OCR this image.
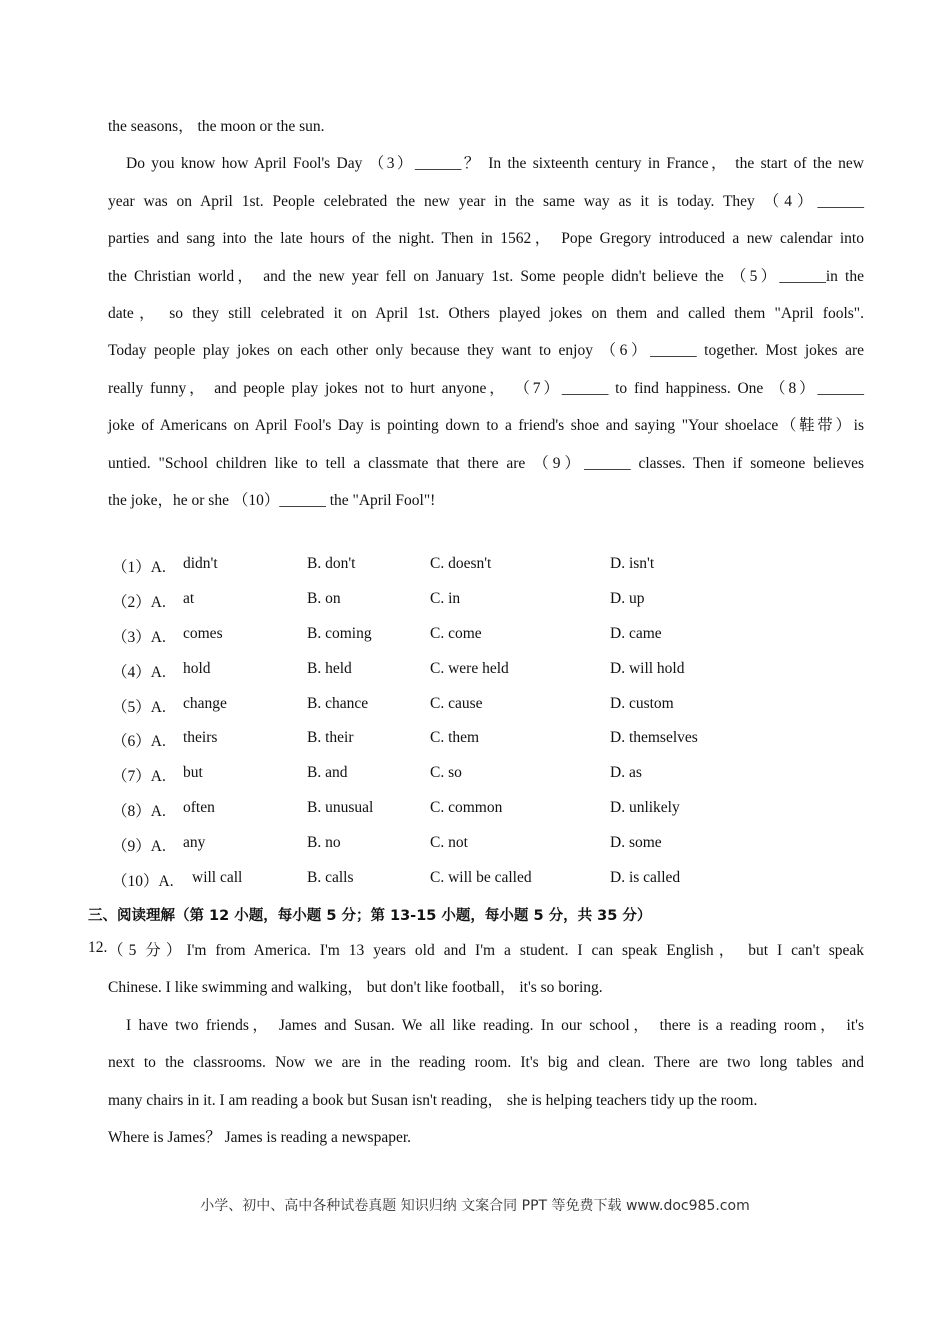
the seasons， the moon or the sun.
Do you know how April Fool's Day （3）______？ In the sixteenth century in France， the start of the new
year was on April 1st. People celebrated the new year in the same way as it is today. They （4）______
parties and sang into the late hours of the night. Then in 1562， Pope Gregory introduced a new calendar into
the Christian world， and the new year fell on January 1st. Some people didn't believe the （5）______in the
date， so they still celebrated it on April 1st. Others played jokes on them and called them "April fools".
Today people play jokes on each other only because they want to enjoy （6）______ together. Most jokes are
really funny， and people play jokes not to hurt anyone， （7）______ to find happiness. One （8）______
joke of Americans on April Fool's Day is pointing down to a friend's shoe and saying "Your shoelace（鞋带）is
untied. "School children like to tell a classmate that there are （9）______ classes. Then if someone believes
the joke，he or she （10）______ the "April Fool"!
（1）A. didn't	B. don't	C. doesn't	D. isn't
（2）A. at	B. on	C. in	D. up
（3）A. comes	B. coming	C. come	D. came
（4）A. hold	B. held	C. were held	D. will hold
（5）A. change	B. chance	C. cause	D. custom
（6）A. theirs	B. their	C. them	D. themselves
（7）A. but	B. and	C. so	D. as
（8）A. often	B. unusual	C. common	D. unlikely
（9）A. any	B. no	C. not	D. some
（10）A. will call	B. calls	C. will be called	D. is called
三、阅读理解（第 12 小题，每小题 5 分；第 13-15 小题，每小题 5 分，共 35 分）
12. （5 分）I'm from America. I'm 13 years old and I'm a student. I can speak English， but I can't speak
Chinese. I like swimming and walking， but don't like football， it's so boring.
I have two friends， James and Susan. We all like reading. In our school， there is a reading room， it's
next to the classrooms. Now we are in the reading room. It's big and clean. There are two long tables and
many chairs in it. I am reading a book but Susan isn't reading， she is helping teachers tidy up the room.
Where is James？ James is reading a newspaper.
小学、初中、高中各种试卷真题 知识归纳 文案合同 PPT 等免费下载 www.doc985.com
